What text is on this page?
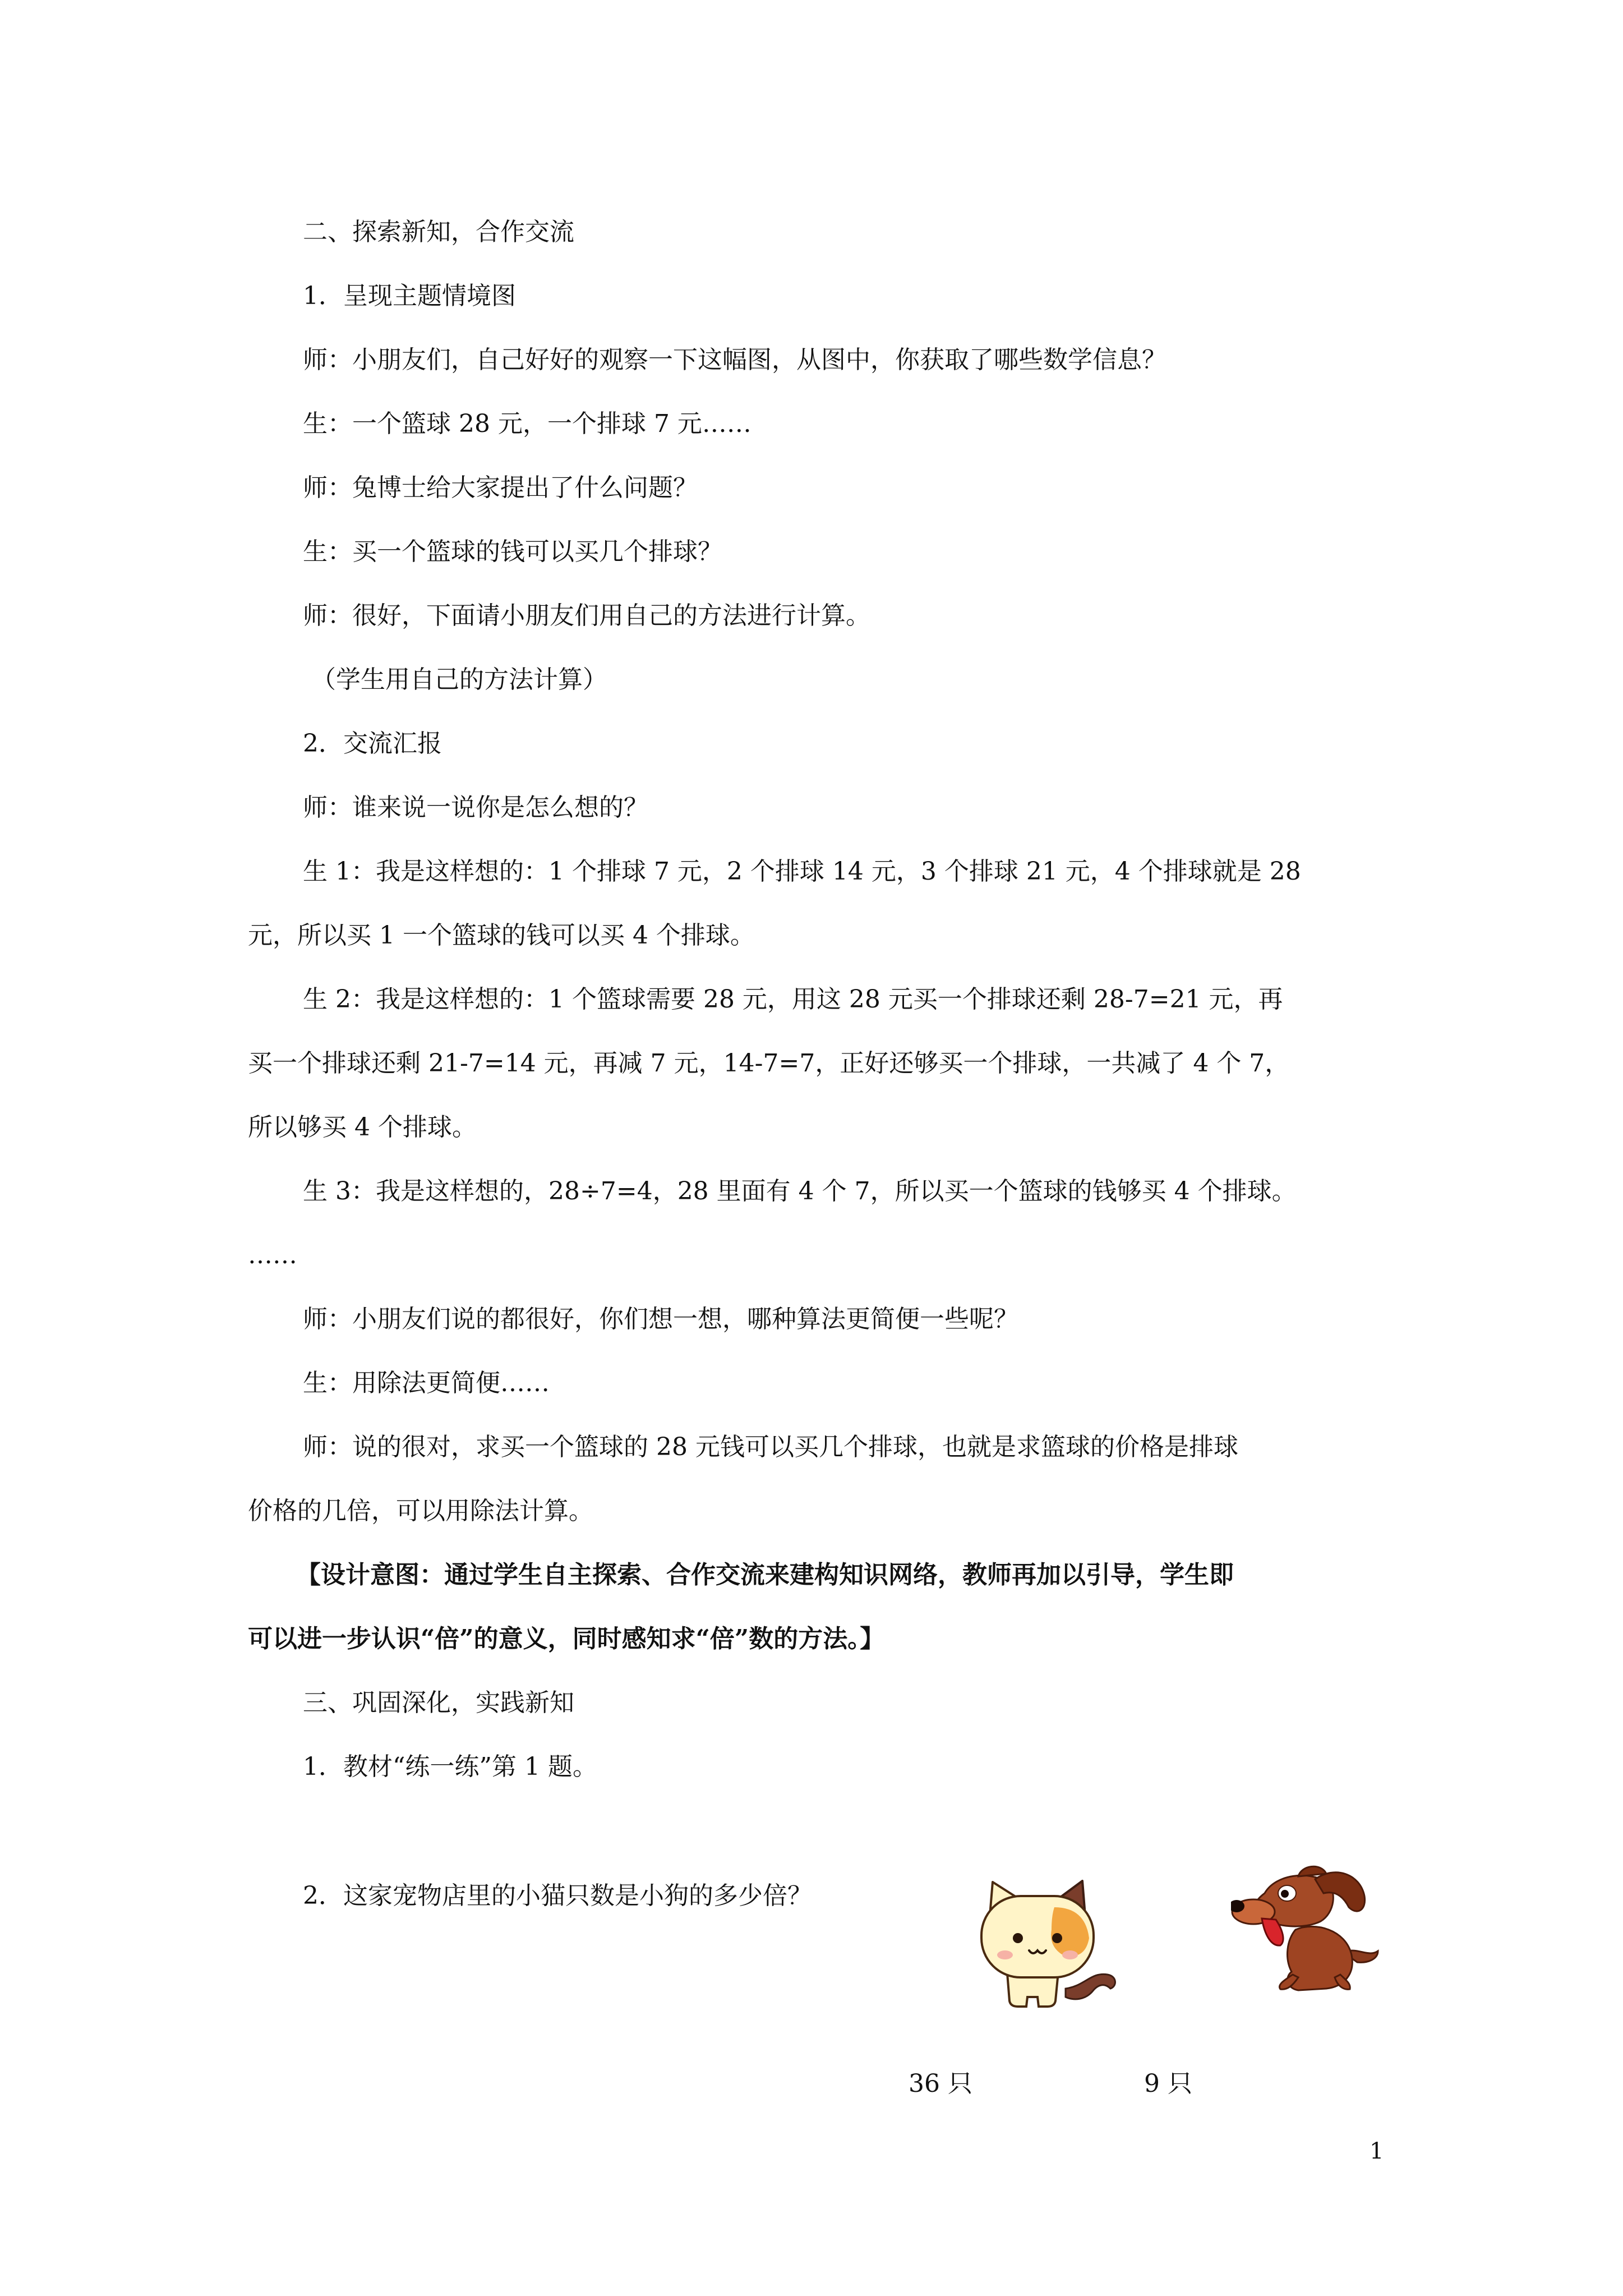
二、探索新知，合作交流
1．呈现主题情境图
师：小朋友们，自己好好的观察一下这幅图，从图中，你获取了哪些数学信息？
生：一个篮球 28 元，一个排球 7 元……
师：兔博士给大家提出了什么问题？
生：买一个篮球的钱可以买几个排球？
师：很好，下面请小朋友们用自己的方法进行计算。
（学生用自己的方法计算）
2．交流汇报
师：谁来说一说你是怎么想的？
生 1：我是这样想的：1 个排球 7 元，2 个排球 14 元，3 个排球 21 元，4 个排球就是 28
元，所以买 1 一个篮球的钱可以买 4 个排球。
生 2：我是这样想的：1 个篮球需要 28 元，用这 28 元买一个排球还剩 28-7=21 元，再
买一个排球还剩 21-7=14 元，再减 7 元，14-7=7，正好还够买一个排球，一共减了 4 个 7，
所以够买 4 个排球。
生 3：我是这样想的，28÷7=4，28 里面有 4 个 7，所以买一个篮球的钱够买 4 个排球。
……
师：小朋友们说的都很好，你们想一想，哪种算法更简便一些呢？
生：用除法更简便……
师：说的很对，求买一个篮球的 28 元钱可以买几个排球，也就是求篮球的价格是排球
价格的几倍，可以用除法计算。
【设计意图：通过学生自主探索、合作交流来建构知识网络，教师再加以引导，学生即
可以进一步认识“倍”的意义，同时感知求“倍”数的方法。】
三、巩固深化，实践新知
1．教材“练一练”第 1 题。
2．这家宠物店里的小猫只数是小狗的多少倍？
36 只	9 只
1
